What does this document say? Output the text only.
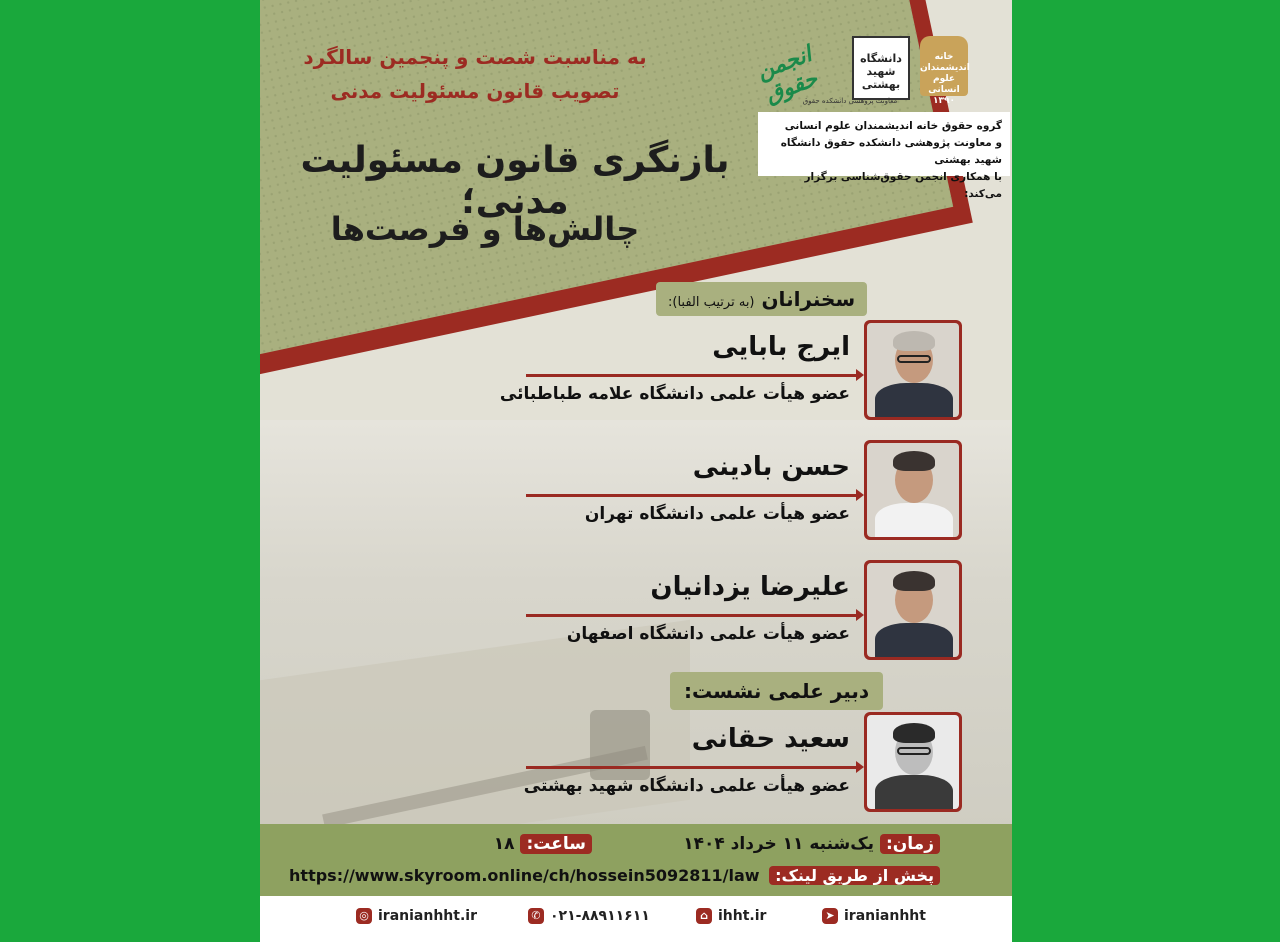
به مناسبت شصت و پنجمین سالگرد
تصویب قانون مسئولیت مدنی
بازنگری قانون مسئولیت مدنی؛
چالش‌ها و فرصت‌ها
انجمن حقوق
دانشگاه شهید بهشتی
خانه اندیشمندان علوم انسانی ۱۳۹۰
معاونت پژوهشی دانشکده حقوق
گروه حقوق خانه اندیشمندان علوم انسانی
و معاونت پژوهشی دانشکده حقوق دانشگاه شهید بهشتی
با همکاری انجمن حقوق‌شناسی برگزار می‌کند:
سخنرانان (به ترتیب الفبا):
ایرج بابایی
عضو هیأت علمی دانشگاه علامه طباطبائی
حسن بادینی
عضو هیأت علمی دانشگاه تهران
علیرضا یزدانیان
عضو هیأت علمی دانشگاه اصفهان
دبیر علمی نشست:
سعید حقانی
عضو هیأت علمی دانشگاه شهید بهشتی
زمان: یک‌شنبه ۱۱ خرداد ۱۴۰۴
ساعت: ۱۸
پخش از طریق لینک: https://www.skyroom.online/ch/hossein5092811/law
◎ iranianhht.ir	✆ ۰۲۱-۸۸۹۱۱۶۱۱	⌂ ihht.ir	➤ iranianhht
